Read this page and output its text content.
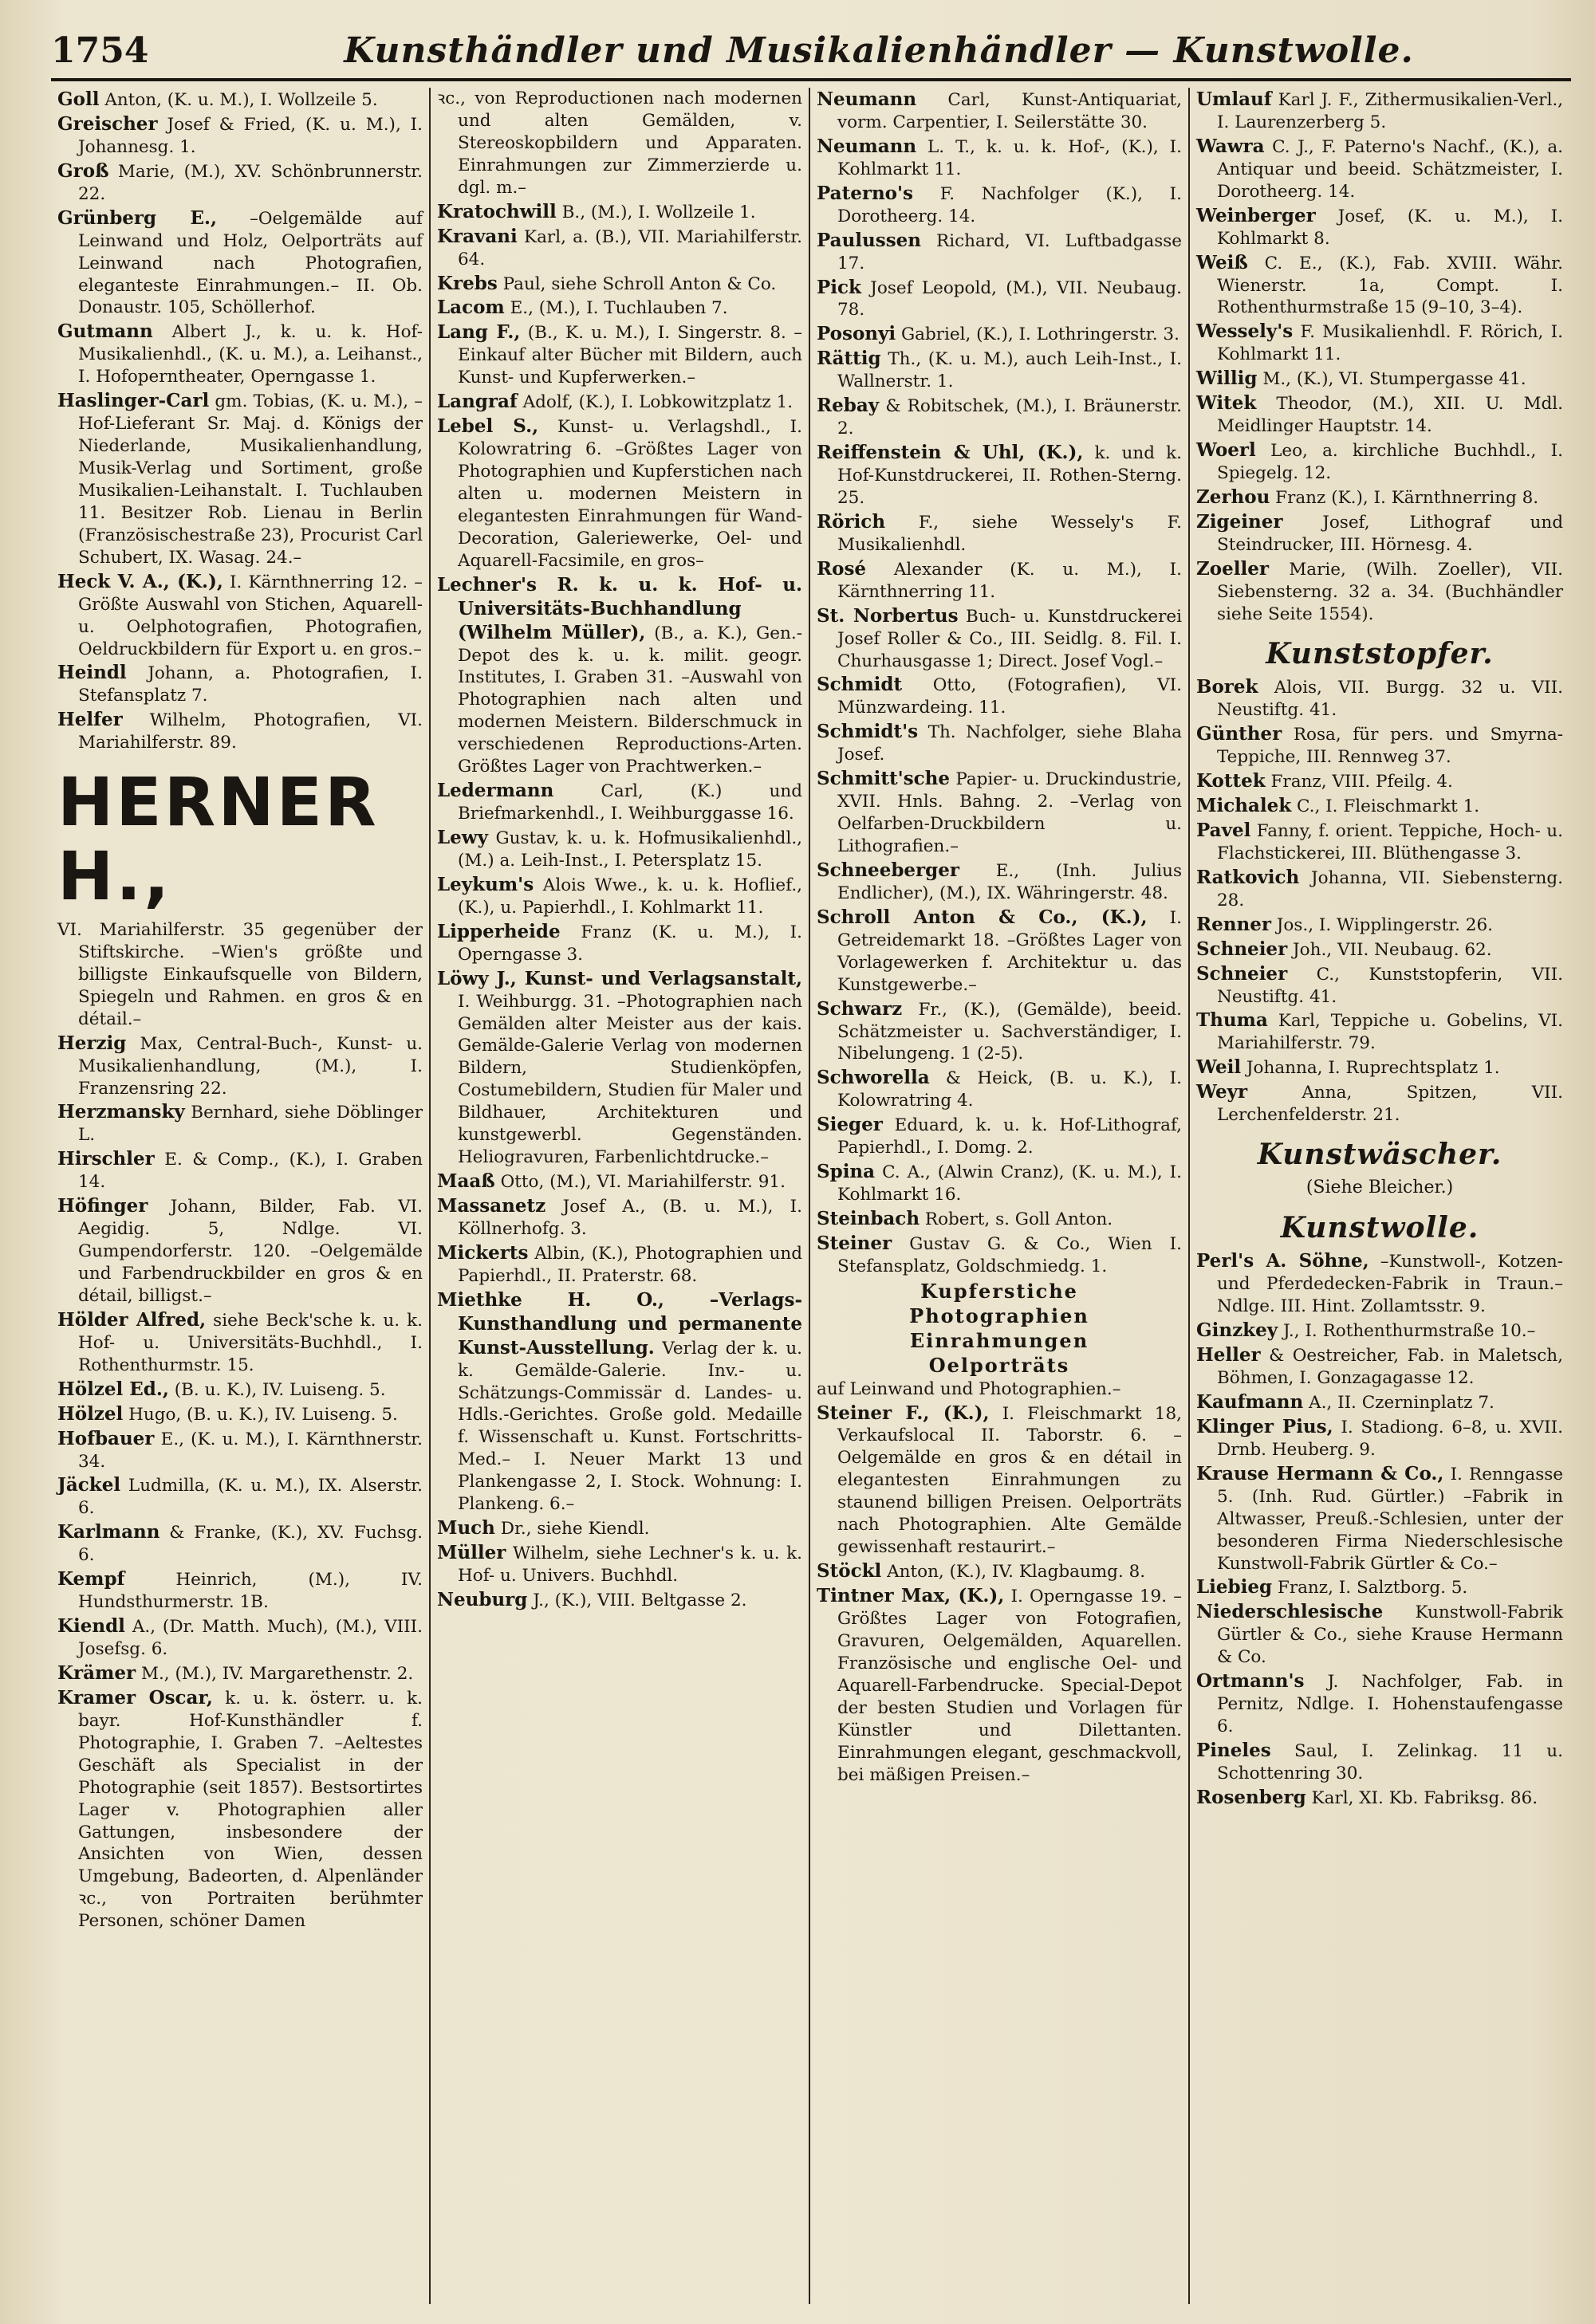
1754	Kunsthändler und Musikalienhändler — Kunstwolle.

Goll Anton, (K. u. M.), I. Wollzeile 5.

Greischer Josef & Fried, (K. u. M.), I. Johannesg. 1.

Groß Marie, (M.), XV. Schönbrunnerstr. 22.

Grünberg E., –Oelgemälde auf Leinwand und Holz, Oelporträts auf Leinwand nach Photografien, eleganteste Einrahmungen.– II. Ob. Donaustr. 105, Schöllerhof.

Gutmann Albert J., k. u. k. Hof-Musikalienhdl., (K. u. M.), a. Leihanst., I. Hofoperntheater, Operngasse 1.

Haslinger-Carl gm. Tobias, (K. u. M.), –Hof-Lieferant Sr. Maj. d. Königs der Niederlande, Musikalienhandlung, Musik-Verlag und Sortiment, große Musikalien-Leihanstalt. I. Tuchlauben 11. Besitzer Rob. Lienau in Berlin (Französischestraße 23), Procurist Carl Schubert, IX. Wasag. 24.–

Heck V. A., (K.), I. Kärnthnerring 12. –Größte Auswahl von Stichen, Aquarell- u. Oelphotografien, Photografien, Oeldruckbildern für Export u. en gros.–

Heindl Johann, a. Photografien, I. Stefansplatz 7.

Helfer Wilhelm, Photografien, VI. Mariahilferstr. 89.

HERNER H.,

VI. Mariahilferstr. 35 gegenüber der Stiftskirche. –Wien's größte und billigste Einkaufsquelle von Bildern, Spiegeln und Rahmen. en gros & en détail.–

Herzig Max, Central-Buch-, Kunst- u. Musikalienhandlung, (M.), I. Franzensring 22.

Herzmansky Bernhard, siehe Döblinger L.

Hirschler E. & Comp., (K.), I. Graben 14.

Höfinger Johann, Bilder, Fab. VI. Aegidig. 5, Ndlge. VI. Gumpendorferstr. 120. –Oelgemälde und Farbendruckbilder en gros & en détail, billigst.–

Hölder Alfred, siehe Beck'sche k. u. k. Hof- u. Universitäts-Buchhdl., I. Rothenthurmstr. 15.

Hölzel Ed., (B. u. K.), IV. Luiseng. 5.

Hölzel Hugo, (B. u. K.), IV. Luiseng. 5.

Hofbauer E., (K. u. M.), I. Kärnthnerstr. 34.

Jäckel Ludmilla, (K. u. M.), IX. Alserstr. 6.

Karlmann & Franke, (K.), XV. Fuchsg. 6.

Kempf	Heinrich, (M.), IV. Hundsthurmerstr. 1B.

Kiendl A., (Dr. Matth. Much), (M.), VIII. Josefsg. 6.

Krämer M., (M.), IV. Margarethenstr. 2.

Kramer Oscar, k. u. k. österr. u. k. bayr. Hof-Kunsthändler f. Photographie, I. Graben 7. –Aeltestes Geschäft als Specialist in der Photographie (seit 1857). Bestsortirtes Lager v. Photographien aller Gattungen, insbesondere der Ansichten von Wien, dessen Umgebung, Badeorten, d. Alpenländer ꝛc., von Portraiten berühmter Personen, schöner Damen

ꝛc., von Reproductionen nach modernen und alten Gemälden, v. Stereoskopbildern und Apparaten. Einrahmungen zur Zimmerzierde u. dgl. m.–

Kratochwill B., (M.), I. Wollzeile 1.

Kravani Karl, a. (B.), VII. Mariahilferstr. 64.

Krebs Paul, siehe Schroll Anton & Co.

Lacom E., (M.), I. Tuchlauben 7.

Lang F., (B., K. u. M.), I. Singerstr. 8. –Einkauf alter Bücher mit Bildern, auch Kunst- und Kupferwerken.–

Langraf Adolf, (K.), I. Lobkowitzplatz 1.

Lebel S., Kunst- u. Verlagshdl., I. Kolowratring 6. –Größtes Lager von Photographien und Kupferstichen nach alten u. modernen Meistern in elegantesten Einrahmungen für Wand-Decoration, Galeriewerke, Oel- und Aquarell-Facsimile, en gros–

Lechner's R. k. u. k. Hof- u. Universitäts-Buchhandlung (Wilhelm Müller), (B., a. K.), Gen.-Depot des k. u. k. milit. geogr. Institutes, I. Graben 31. –Auswahl von Photographien nach alten und modernen Meistern. Bilderschmuck in verschiedenen Reproductions-Arten. Größtes Lager von Prachtwerken.–

Ledermann	Carl, (K.) und Briefmarkenhdl., I. Weihburggasse 16.

Lewy Gustav, k. u. k. Hofmusikalienhdl., (M.) a. Leih-Inst., I. Petersplatz 15.

Leykum's Alois Wwe., k. u. k. Hoflief., (K.), u. Papierhdl., I. Kohlmarkt 11.

Lipperheide Franz (K. u. M.), I. Operngasse 3.

Löwy J., Kunst- und Verlagsanstalt, I. Weihburgg. 31. –Photographien nach Gemälden alter Meister aus der kais. Gemälde-Galerie Verlag von modernen Bildern, Studienköpfen, Costumebildern, Studien für Maler und Bildhauer, Architekturen und kunstgewerbl. Gegenständen. Heliogravuren, Farbenlichtdrucke.–

Maaß Otto, (M.), VI. Mariahilferstr. 91.

Massanetz Josef A., (B. u. M.), I. Köllnerhofg. 3.

Mickerts Albin, (K.), Photographien und Papierhdl., II. Praterstr. 68.

Miethke H. O., –Verlags-Kunsthandlung und permanente Kunst-Ausstellung. Verlag der k. u. k. Gemälde-Galerie. Inv.- u. Schätzungs-Commissär d. Landes- u. Hdls.-Gerichtes. Große gold. Medaille f. Wissenschaft u. Kunst. Fortschritts-Med.– I. Neuer Markt 13 und Plankengasse 2, I. Stock. Wohnung: I. Plankeng. 6.–

Much Dr., siehe Kiendl.

Müller Wilhelm, siehe Lechner's k. u. k. Hof- u. Univers. Buchhdl.

Neuburg J., (K.), VIII. Beltgasse 2.

Neumann Carl, Kunst-Antiquariat, vorm. Carpentier, I. Seilerstätte 30.

Neumann L. T., k. u. k. Hof-, (K.), I. Kohlmarkt 11.

Paterno's F. Nachfolger (K.), I. Dorotheerg. 14.

Paulussen Richard, VI. Luftbadgasse 17.

Pick Josef Leopold, (M.), VII. Neubaug. 78.

Posonyi Gabriel, (K.), I. Lothringerstr. 3.

Rättig Th., (K. u. M.), auch Leih-Inst., I. Wallnerstr. 1.

Rebay & Robitschek, (M.), I. Bräunerstr. 2.

Reiffenstein & Uhl, (K.), k. und k. Hof-Kunstdruckerei, II. Rothen-Sterng. 25.

Rörich F., siehe Wessely's F. Musikalienhdl.

Rosé Alexander (K. u. M.), I. Kärnthnerring 11.

St. Norbertus Buch- u. Kunstdruckerei Josef Roller & Co., III. Seidlg. 8. Fil. I. Churhausgasse 1; Direct. Josef Vogl.–

Schmidt Otto, (Fotografien), VI. Münzwardeing. 11.

Schmidt's Th. Nachfolger, siehe Blaha Josef.

Schmitt'sche Papier- u. Druckindustrie, XVII. Hnls. Bahng. 2. –Verlag von Oelfarben-Druckbildern u. Lithografien.–

Schneeberger E., (Inh. Julius Endlicher), (M.), IX. Währingerstr. 48.

Schroll Anton & Co., (K.), I. Getreidemarkt 18. –Größtes Lager von Vorlagewerken f. Architektur u. das Kunstgewerbe.–

Schwarz Fr., (K.), (Gemälde), beeid. Schätzmeister u. Sachverständiger, I. Nibelungeng. 1 (2-5).

Schworella & Heick, (B. u. K.), I. Kolowratring 4.

Sieger Eduard, k. u. k. Hof-Lithograf, Papierhdl., I. Domg. 2.

Spina C. A., (Alwin Cranz), (K. u. M.), I. Kohlmarkt 16.

Steinbach Robert, s. Goll Anton.

Steiner Gustav G. & Co., Wien I. Stefansplatz, Goldschmiedg. 1.

Kupferstiche
Photographien
Einrahmungen
Oelporträts

auf Leinwand und Photographien.–

Steiner F., (K.), I. Fleischmarkt 18, Verkaufslocal II. Taborstr. 6. –Oelgemälde en gros & en détail in elegantesten Einrahmungen zu staunend billigen Preisen. Oelporträts nach Photographien. Alte Gemälde gewissenhaft restaurirt.–

Stöckl Anton, (K.), IV. Klagbaumg. 8.

Tintner Max, (K.), I. Operngasse 19. –Größtes Lager von Fotografien, Gravuren, Oelgemälden, Aquarellen. Französische und englische Oel- und Aquarell-Farbendrucke. Special-Depot der besten Studien und Vorlagen für Künstler und Dilettanten. Einrahmungen elegant, geschmackvoll, bei mäßigen Preisen.–

Umlauf Karl J. F., Zithermusikalien-Verl., I. Laurenzerberg 5.

Wawra C. J., F. Paterno's Nachf., (K.), a. Antiquar und beeid. Schätzmeister, I. Dorotheerg. 14.

Weinberger Josef, (K. u. M.), I. Kohlmarkt 8.

Weiß C. E., (K.), Fab. XVIII. Währ. Wienerstr. 1a, Compt. I. Rothenthurmstraße 15 (9–10, 3–4).

Wessely's F. Musikalienhdl. F. Rörich, I. Kohlmarkt 11.

Willig M., (K.), VI. Stumpergasse 41.

Witek Theodor, (M.), XII. U. Mdl. Meidlinger Hauptstr. 14.

Woerl Leo, a. kirchliche Buchhdl., I. Spiegelg. 12.

Zerhou Franz (K.), I. Kärnthnerring 8.

Zigeiner Josef, Lithograf und Steindrucker, III. Hörnesg. 4.

Zoeller Marie, (Wilh. Zoeller), VII. Siebensterng. 32 a. 34. (Buchhändler siehe Seite 1554).

Kunststopfer.

Borek Alois, VII. Burgg. 32 u. VII. Neustiftg. 41.

Günther Rosa, für pers. und Smyrna-Teppiche, III. Rennweg 37.

Kottek Franz, VIII. Pfeilg. 4.

Michalek C., I. Fleischmarkt 1.

Pavel Fanny, f. orient. Teppiche, Hoch- u. Flachstickerei, III. Blüthengasse 3.

Ratkovich Johanna, VII. Siebensterng. 28.

Renner Jos., I. Wipplingerstr. 26.

Schneier Joh., VII. Neubaug. 62.

Schneier C., Kunststopferin, VII. Neustiftg. 41.

Thuma Karl, Teppiche u. Gobelins, VI. Mariahilferstr. 79.

Weil Johanna, I. Ruprechtsplatz 1.

Weyr	Anna, Spitzen, VII. Lerchenfelderstr. 21.

Kunstwäscher.
(Siehe Bleicher.)
Kunstwolle.

Perl's A. Söhne, –Kunstwoll-, Kotzen- und Pferdedecken-Fabrik in Traun.– Ndlge. III. Hint. Zollamtsstr. 9.

Ginzkey J., I. Rothenthurmstraße 10.–

Heller & Oestreicher, Fab. in Maletsch, Böhmen, I. Gonzagagasse 12.

Kaufmann A., II. Czerninplatz 7.

Klinger Pius, I. Stadiong. 6–8, u. XVII. Drnb. Heuberg. 9.

Krause Hermann & Co., I. Renngasse 5. (Inh. Rud. Gürtler.) –Fabrik in Altwasser, Preuß.-Schlesien, unter der besonderen Firma Niederschlesische Kunstwoll-Fabrik Gürtler & Co.–

Liebieg Franz, I. Salztborg. 5.

Niederschlesische Kunstwoll-Fabrik Gürtler & Co., siehe Krause Hermann & Co.

Ortmann's J. Nachfolger, Fab. in Pernitz, Ndlge. I. Hohenstaufengasse 6.

Pineles Saul, I. Zelinkag. 11 u. Schottenring 30.

Rosenberg Karl, XI. Kb. Fabriksg. 86.
